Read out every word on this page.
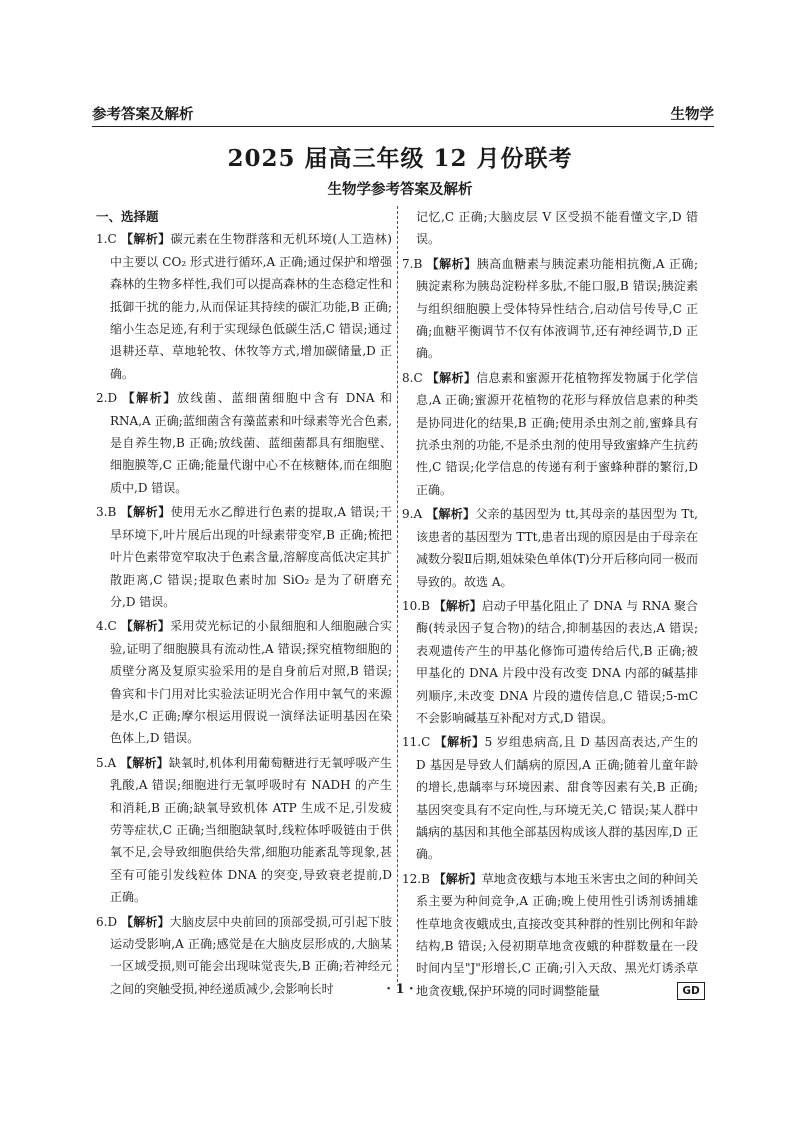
参考答案及解析	生物学
2025 届高三年级 12 月份联考
生物学参考答案及解析
一、选择题

1.C 【解析】碳元素在生物群落和无机环境(人工造林)中主要以 CO₂ 形式进行循环,A 正确;通过保护和增强森林的生物多样性,我们可以提高森林的生态稳定性和抵御干扰的能力,从而保证其持续的碳汇功能,B 正确;缩小生态足迹,有利于实现绿色低碳生活,C 错误;通过退耕还草、草地轮牧、休牧等方式,增加碳储量,D 正确。

2.D 【解析】放线菌、蓝细菌细胞中含有 DNA 和 RNA,A 正确;蓝细菌含有藻蓝素和叶绿素等光合色素,是自养生物,B 正确;放线菌、蓝细菌都具有细胞壁、细胞膜等,C 正确;能量代谢中心不在核糖体,而在细胞质中,D 错误。

3.B 【解析】使用无水乙醇进行色素的提取,A 错误;干旱环境下,叶片展后出现的叶绿素带变窄,B 正确;梳把叶片色素带宽窄取决于色素含量,溶解度高低决定其扩散距离,C 错误;提取色素时加 SiO₂ 是为了研磨充分,D 错误。

4.C 【解析】采用荧光标记的小鼠细胞和人细胞融合实验,证明了细胞膜具有流动性,A 错误;探究植物细胞的质壁分离及复原实验采用的是自身前后对照,B 错误;鲁宾和卡门用对比实验法证明光合作用中氧气的来源是水,C 正确;摩尔根运用假说一演绎法证明基因在染色体上,D 错误。

5.A 【解析】缺氧时,机体利用葡萄糖进行无氧呼吸产生乳酸,A 错误;细胞进行无氧呼吸时有 NADH 的产生和消耗,B 正确;缺氧导致机体 ATP 生成不足,引发疲劳等症状,C 正确;当细胞缺氧时,线粒体呼吸链由于供氧不足,会导致细胞供给失常,细胞功能紊乱等现象,甚至有可能引发线粒体 DNA 的突变,导致衰老提前,D 正确。

6.D 【解析】大脑皮层中央前回的顶部受损,可引起下肢运动受影响,A 正确;感觉是在大脑皮层形成的,大脑某一区域受损,则可能会出现味觉丧失,B 正确;若神经元之间的突触受损,神经递质减少,会影响长时

记忆,C 正确;大脑皮层 V 区受损不能看懂文字,D 错误。

7.B 【解析】胰高血糖素与胰淀素功能相抗衡,A 正确;胰淀素称为胰岛淀粉样多肽,不能口服,B 错误;胰淀素与组织细胞膜上受体特异性结合,启动信号传导,C 正确;血糖平衡调节不仅有体液调节,还有神经调节,D 正确。

8.C 【解析】信息素和蜜源开花植物挥发物属于化学信息,A 正确;蜜源开花植物的花形与释放信息素的种类是协同进化的结果,B 正确;使用杀虫剂之前,蜜蜂具有抗杀虫剂的功能,不是杀虫剂的使用导致蜜蜂产生抗药性,C 错误;化学信息的传递有利于蜜蜂种群的繁衍,D 正确。

9.A 【解析】父亲的基因型为 tt,其母亲的基因型为 Tt,该患者的基因型为 TTt,患者出现的原因是由于母亲在减数分裂Ⅱ后期,姐妹染色单体(T)分开后移向同一极而导致的。故选 A。

10.B 【解析】启动子甲基化阻止了 DNA 与 RNA 聚合酶(转录因子复合物)的结合,抑制基因的表达,A 错误;表观遗传产生的甲基化修饰可遗传给后代,B 正确;被甲基化的 DNA 片段中没有改变 DNA 内部的碱基排列顺序,未改变 DNA 片段的遗传信息,C 错误;5-mC 不会影响碱基互补配对方式,D 错误。

11.C 【解析】5 岁组患病高,且 D 基因高表达,产生的 D 基因是导致人们龋病的原因,A 正确;随着儿童年龄的增长,患龋率与环境因素、甜食等因素有关,B 正确;基因突变具有不定向性,与环境无关,C 错误;某人群中龋病的基因和其他全部基因构成该人群的基因库,D 正确。

12.B 【解析】草地贪夜蛾与本地玉米害虫之间的种间关系主要为种间竞争,A 正确;晚上使用性引诱剂诱捕雄性草地贪夜蛾成虫,直接改变其种群的性别比例和年龄结构,B 错误;入侵初期草地贪夜蛾的种群数量在一段时间内呈"J"形增长,C 正确;引入天敌、黑光灯诱杀草地贪夜蛾,保护环境的同时调整能量

· 1 ·	GD
